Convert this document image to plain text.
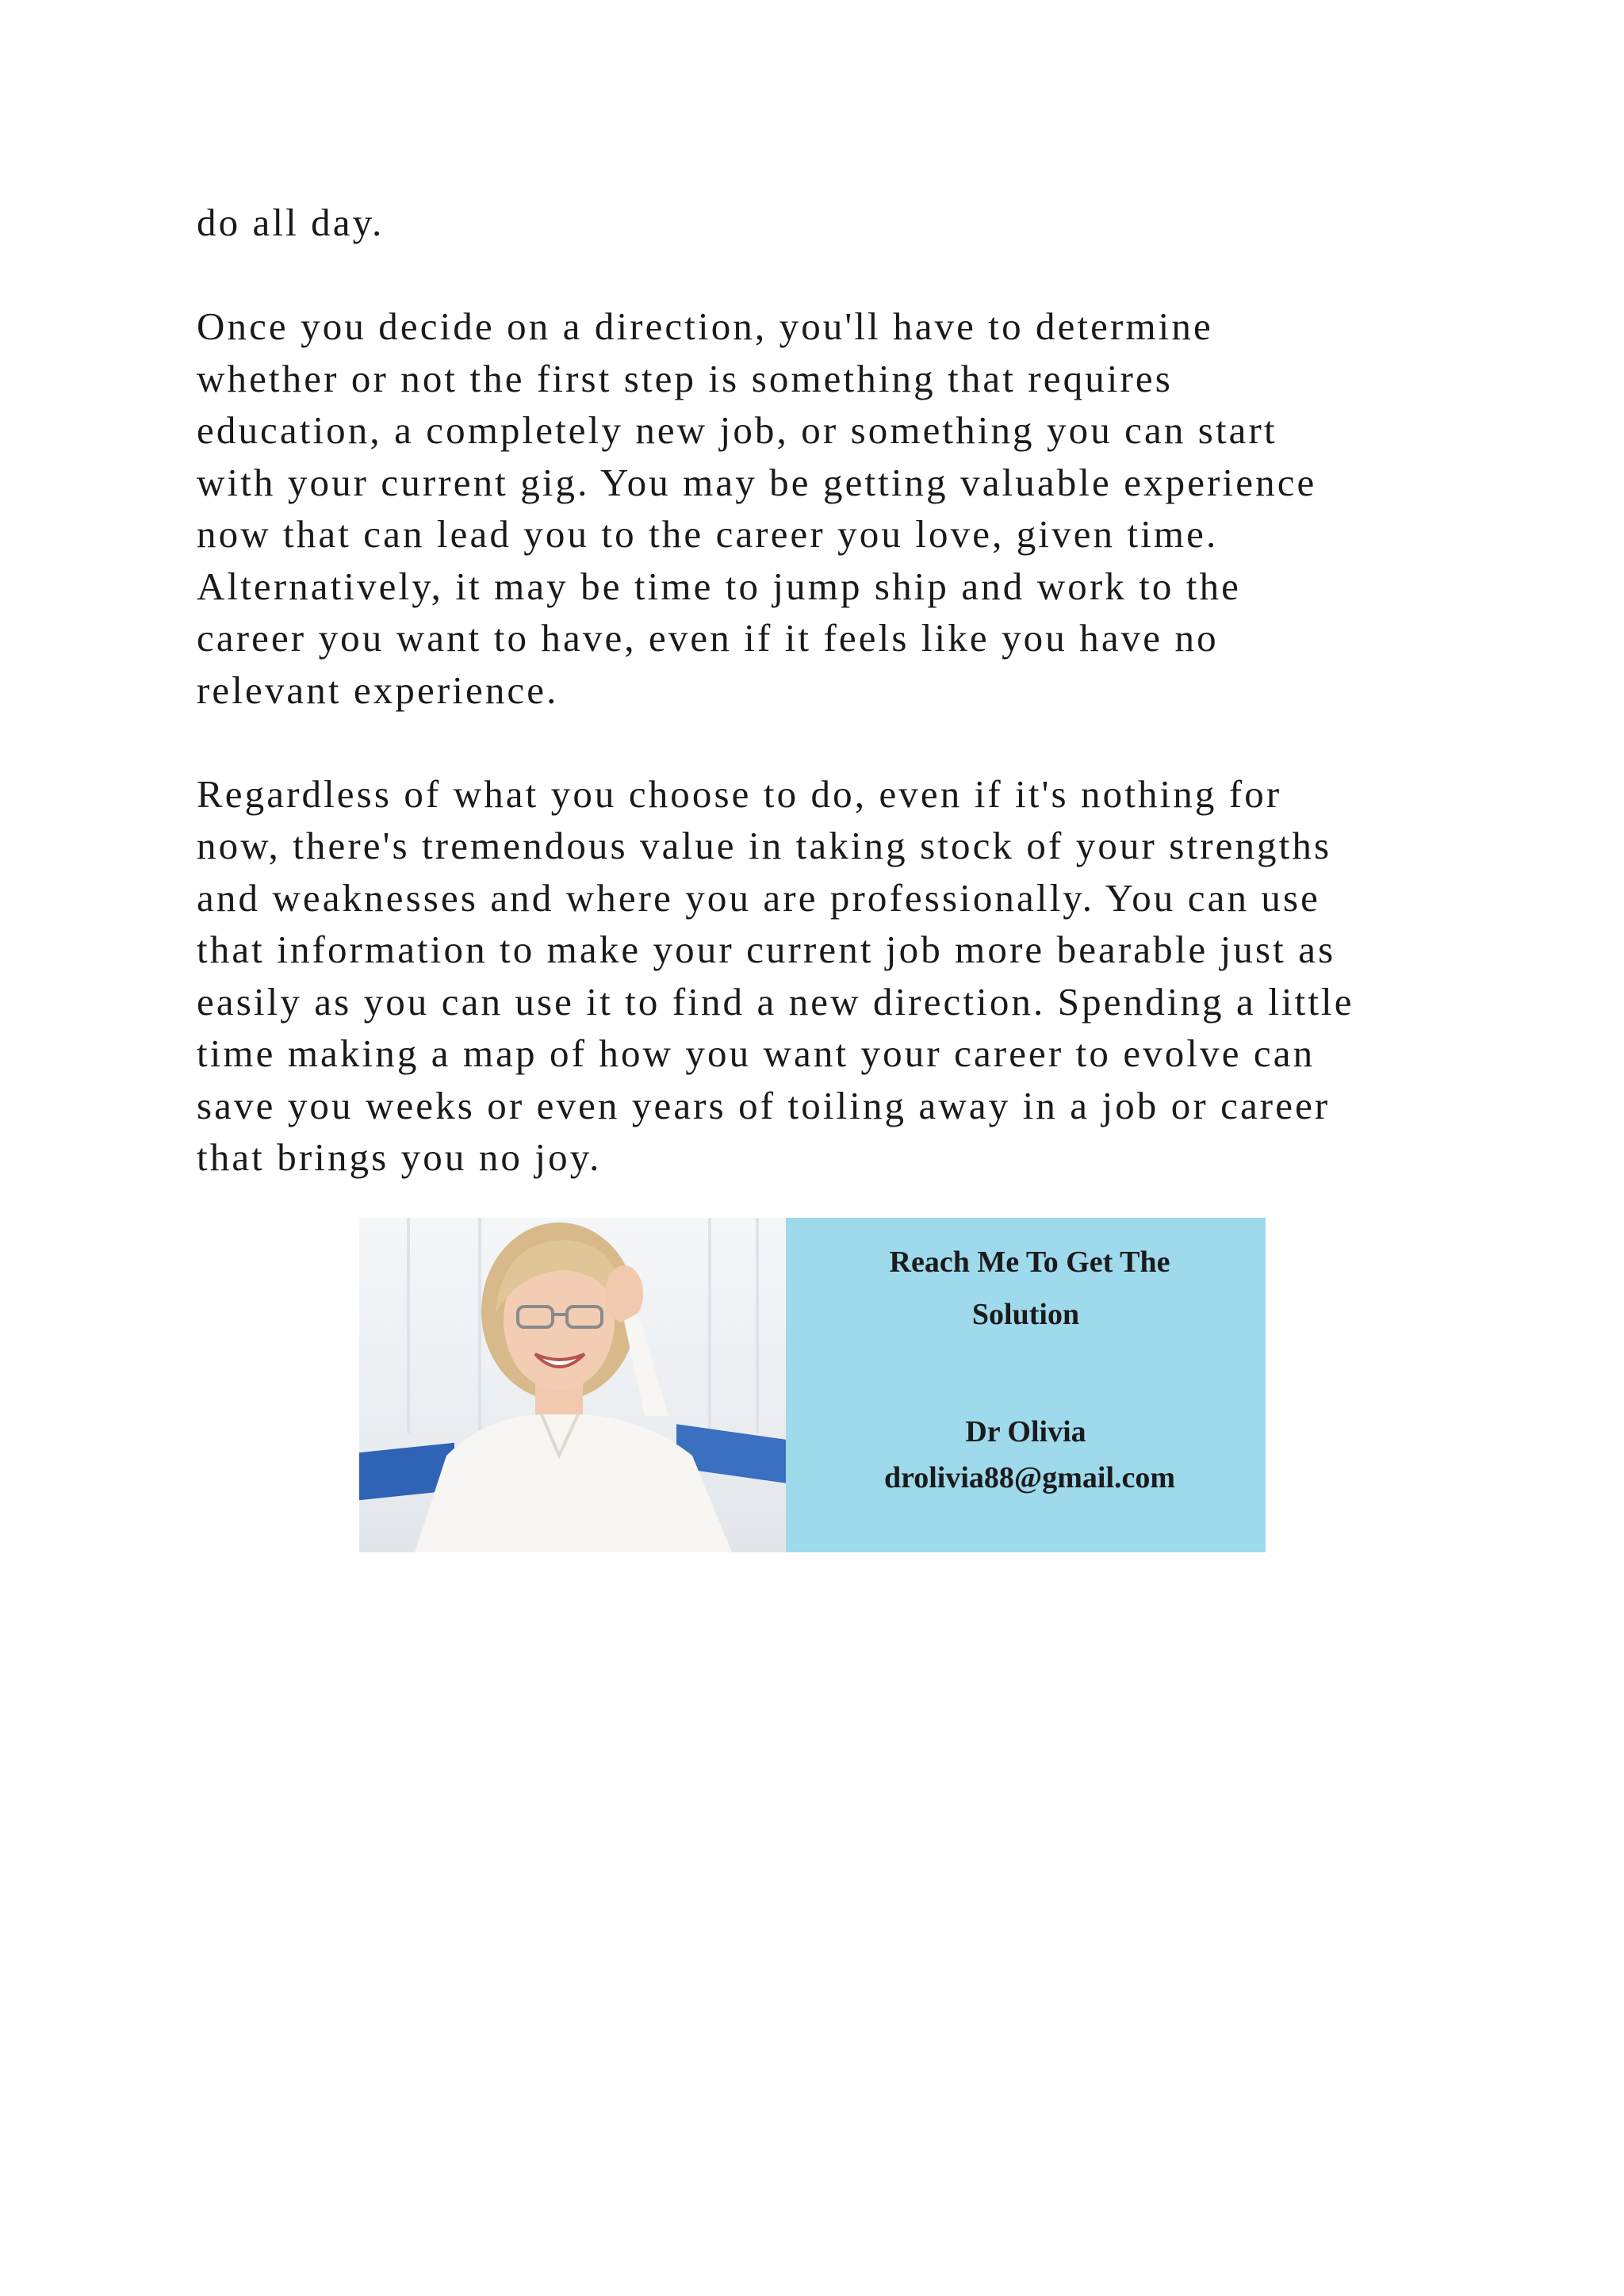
do all day.

Once you decide on a direction, you'll have to determine
whether or not the first step is something that requires
education, a completely new job, or something you can start
with your current gig. You may be getting valuable experience
now that can lead you to the career you love, given time.
Alternatively, it may be time to jump ship and work to the
career you want to have, even if it feels like you have no
relevant experience.

Regardless of what you choose to do, even if it's nothing for
now, there's tremendous value in taking stock of your strengths
and weaknesses and where you are professionally. You can use
that information to make your current job more bearable just as
easily as you can use it to find a new direction. Spending a little
time making a map of how you want your career to evolve can
save you weeks or even years of toiling away in a job or career
that brings you no joy.

Reach Me To Get The
Solution
Dr Olivia
drolivia88@gmail.com
